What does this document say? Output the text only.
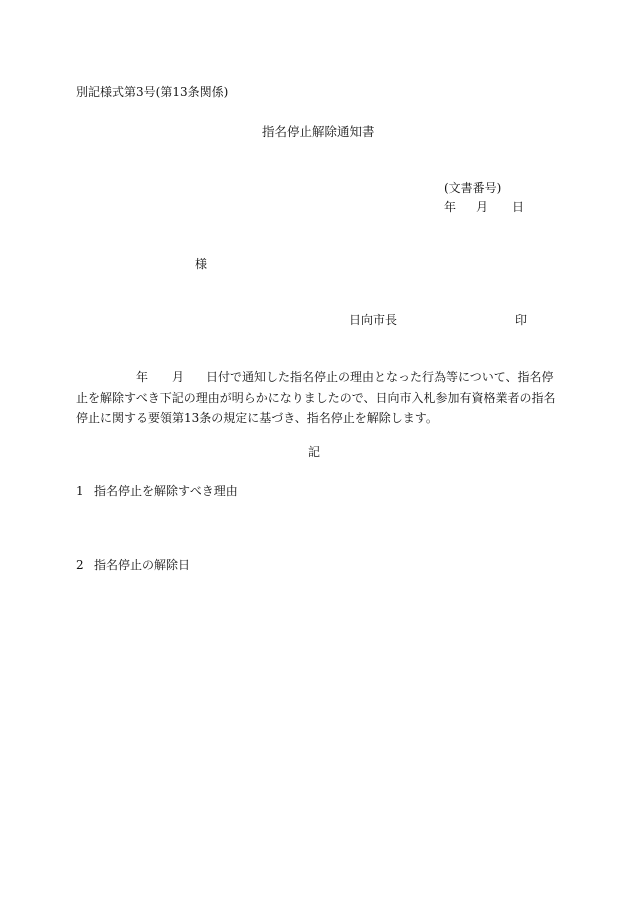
別記様式第3号(第13条関係)
指名停止解除通知書
(文書番号)
年 月 日
様
日向市長	印
年 月 日付で通知した指名停止の理由となった行為等について、指名停
止を解除すべき下記の理由が明らかになりましたので、日向市入札参加有資格業者の指名
停止に関する要領第13条の規定に基づき、指名停止を解除します。
記
1 指名停止を解除すべき理由
2 指名停止の解除日
